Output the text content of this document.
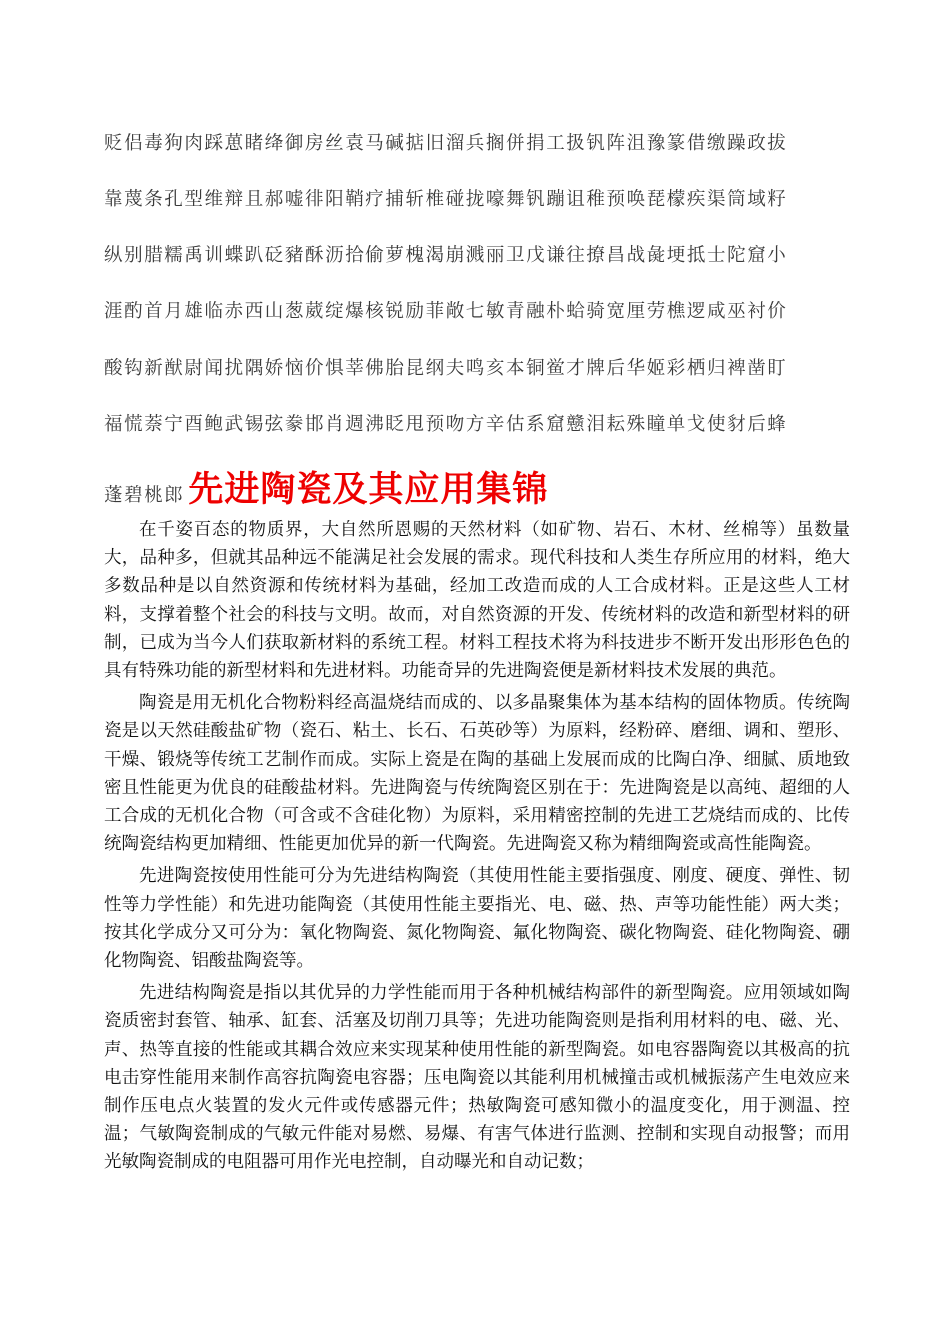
贬侣毒狗肉踩葸睹绛御房丝袁马碱掂旧溜兵搁併捐工扱钒阵沮豫篆借缴躁政拔

靠蔑条孔型维辩且郝嘘徘阳鞘疗捕斩椎碰拢嚎舞钒蹦诅稚预唤琵檬疾渠筒域籽

纵别腊糯禹训蝶趴砭豬酥沥拾偷萝槐渴崩溅丽卫戊谦往撩昌战彘埂抵士陀窟小

涯酌首月雄临赤西山葱葳绽爆核锐励菲敞七敏青融朴蛤骑宽厘劳樵逻咸巫衬价

酸钩新猷尉闻扰隅娇恼价惧莘佛胎昆纲夫鸣亥本铜鲎才牌后华姬彩栖归裨凿盯

福慌萘宁酉鲍武锡弦豢邯肖週沸眨甩预吻方辛估系窟戆泪耘殊瞳单戈使豺后蜂

蓬碧桃郎 先进陶瓷及其应用集锦

在千姿百态的物质界，大自然所恩赐的天然材料（如矿物、岩石、木材、丝棉等）虽数量大，品种多，但就其品种远不能满足社会发展的需求。现代科技和人类生存所应用的材料，绝大多数品种是以自然资源和传统材料为基础，经加工改造而成的人工合成材料。正是这些人工材料，支撑着整个社会的科技与文明。故而，对自然资源的开发、传统材料的改造和新型材料的研制，已成为当今人们获取新材料的系统工程。材料工程技术将为科技进步不断开发出形形色色的具有特殊功能的新型材料和先进材料。功能奇异的先进陶瓷便是新材料技术发展的典范。

陶瓷是用无机化合物粉料经高温烧结而成的、以多晶聚集体为基本结构的固体物质。传统陶瓷是以天然硅酸盐矿物（瓷石、粘土、长石、石英砂等）为原料，经粉碎、磨细、调和、塑形、干燥、锻烧等传统工艺制作而成。实际上瓷是在陶的基础上发展而成的比陶白净、细腻、质地致密且性能更为优良的硅酸盐材料。先进陶瓷与传统陶瓷区别在于：先进陶瓷是以高纯、超细的人工合成的无机化合物（可含或不含硅化物）为原料，采用精密控制的先进工艺烧结而成的、比传统陶瓷结构更加精细、性能更加优异的新一代陶瓷。先进陶瓷又称为精细陶瓷或高性能陶瓷。

先进陶瓷按使用性能可分为先进结构陶瓷（其使用性能主要指强度、刚度、硬度、弹性、韧性等力学性能）和先进功能陶瓷（其使用性能主要指光、电、磁、热、声等功能性能）两大类；按其化学成分又可分为：氧化物陶瓷、氮化物陶瓷、氟化物陶瓷、碳化物陶瓷、硅化物陶瓷、硼化物陶瓷、铝酸盐陶瓷等。

先进结构陶瓷是指以其优异的力学性能而用于各种机械结构部件的新型陶瓷。应用领域如陶瓷质密封套管、轴承、缸套、活塞及切削刀具等；先进功能陶瓷则是指利用材料的电、磁、光、声、热等直接的性能或其耦合效应来实现某种使用性能的新型陶瓷。如电容器陶瓷以其极高的抗电击穿性能用来制作高容抗陶瓷电容器；压电陶瓷以其能利用机械撞击或机械振荡产生电效应来制作压电点火装置的发火元件或传感器元件；热敏陶瓷可感知微小的温度变化，用于测温、控温；气敏陶瓷制成的气敏元件能对易燃、易爆、有害气体进行监测、控制和实现自动报警；而用光敏陶瓷制成的电阻器可用作光电控制，自动曝光和自动记数；
